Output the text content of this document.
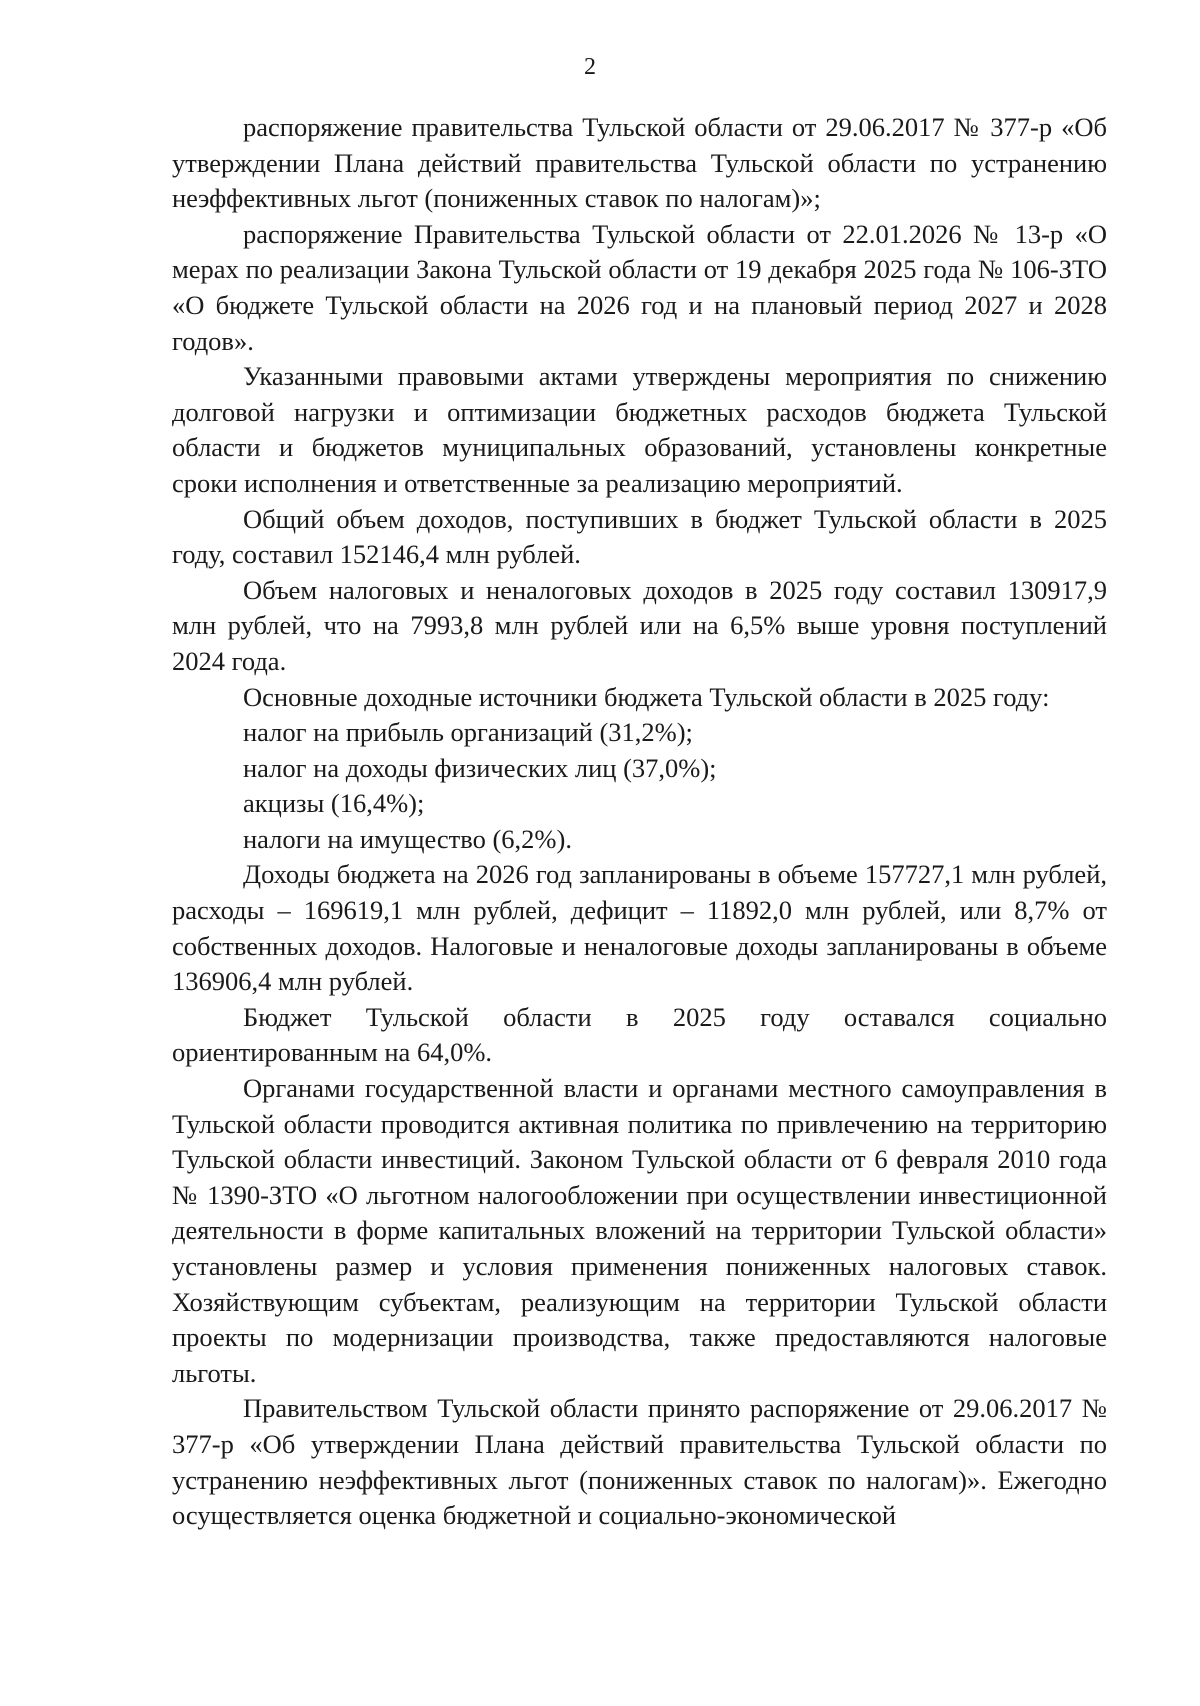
2

распоряжение правительства Тульской области от 29.06.2017 № 377-р «Об утверждении Плана действий правительства Тульской области по устранению неэффективных льгот (пониженных ставок по налогам)»;

распоряжение Правительства Тульской области от 22.01.2026 № 13-р «О мерах по реализации Закона Тульской области от 19 декабря 2025 года № 106-ЗТО «О бюджете Тульской области на 2026 год и на плановый период 2027 и 2028 годов».

Указанными правовыми актами утверждены мероприятия по снижению долговой нагрузки и оптимизации бюджетных расходов бюджета Тульской области и бюджетов муниципальных образований, установлены конкретные сроки исполнения и ответственные за реализацию мероприятий.

Общий объем доходов, поступивших в бюджет Тульской области в 2025 году, составил 152146,4 млн рублей.

Объем налоговых и неналоговых доходов в 2025 году составил 130917,9 млн рублей, что на 7993,8 млн рублей или на 6,5% выше уровня поступлений 2024 года.

Основные доходные источники бюджета Тульской области в 2025 году:

налог на прибыль организаций (31,2%);

налог на доходы физических лиц (37,0%);

акцизы (16,4%);

налоги на имущество (6,2%).

Доходы бюджета на 2026 год запланированы в объеме 157727,1 млн рублей, расходы – 169619,1 млн рублей, дефицит – 11892,0 млн рублей, или 8,7% от собственных доходов. Налоговые и неналоговые доходы запланированы в объеме 136906,4 млн рублей.

Бюджет Тульской области в 2025 году оставался социально ориентированным на 64,0%.

Органами государственной власти и органами местного самоуправления в Тульской области проводится активная политика по привлечению на территорию Тульской области инвестиций. Законом Тульской области от 6 февраля 2010 года № 1390-ЗТО «О льготном налогообложении при осуществлении инвестиционной деятельности в форме капитальных вложений на территории Тульской области» установлены размер и условия применения пониженных налоговых ставок. Хозяйствующим субъектам, реализующим на территории Тульской области проекты по модернизации производства, также предоставляются налоговые льготы.

Правительством Тульской области принято распоряжение от 29.06.2017 № 377-р «Об утверждении Плана действий правительства Тульской области по устранению неэффективных льгот (пониженных ставок по налогам)». Ежегодно осуществляется оценка бюджетной и социально-экономической
